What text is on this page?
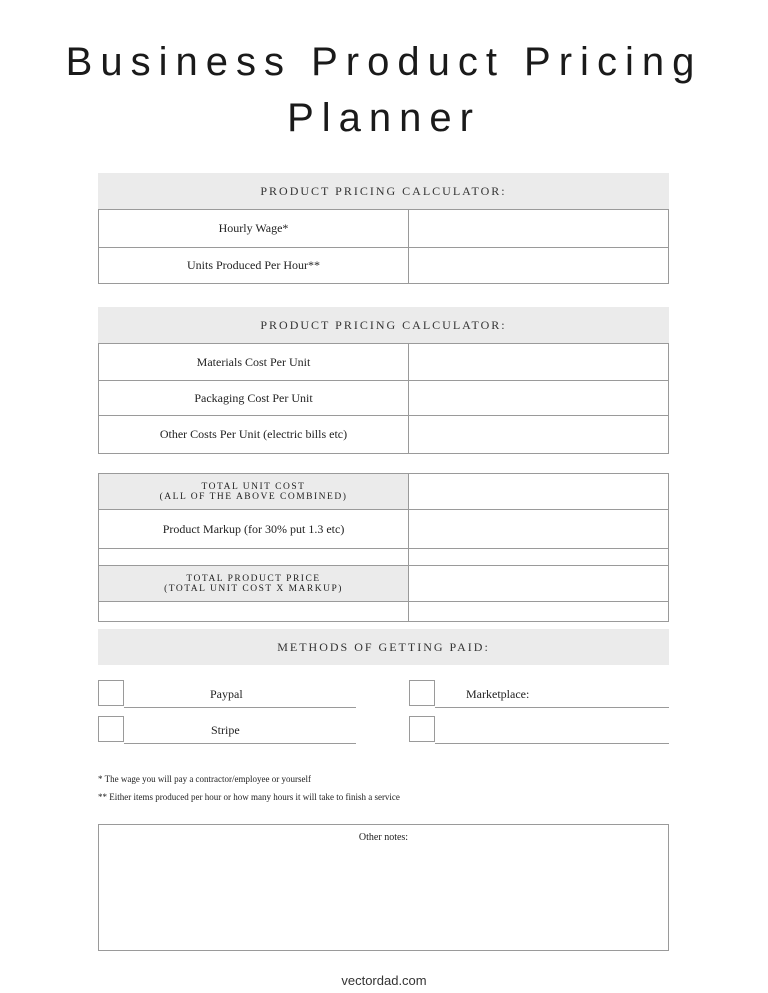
Business Product Pricing
Planner
PRODUCT PRICING CALCULATOR:
Hourly Wage*
Units Produced Per Hour**
PRODUCT PRICING CALCULATOR:
Materials Cost Per Unit
Packaging Cost Per Unit
Other Costs Per Unit (electric bills etc)
TOTAL UNIT COST
(ALL OF THE ABOVE COMBINED)
Product Markup (for 30% put 1.3 etc)
TOTAL PRODUCT PRICE
(TOTAL UNIT COST X MARKUP)
METHODS OF GETTING PAID:
Paypal
Stripe
Marketplace:
* The wage you will pay a contractor/employee or yourself
** Either items produced per hour or how many hours it will take to finish a service
Other notes:
vectordad.com
